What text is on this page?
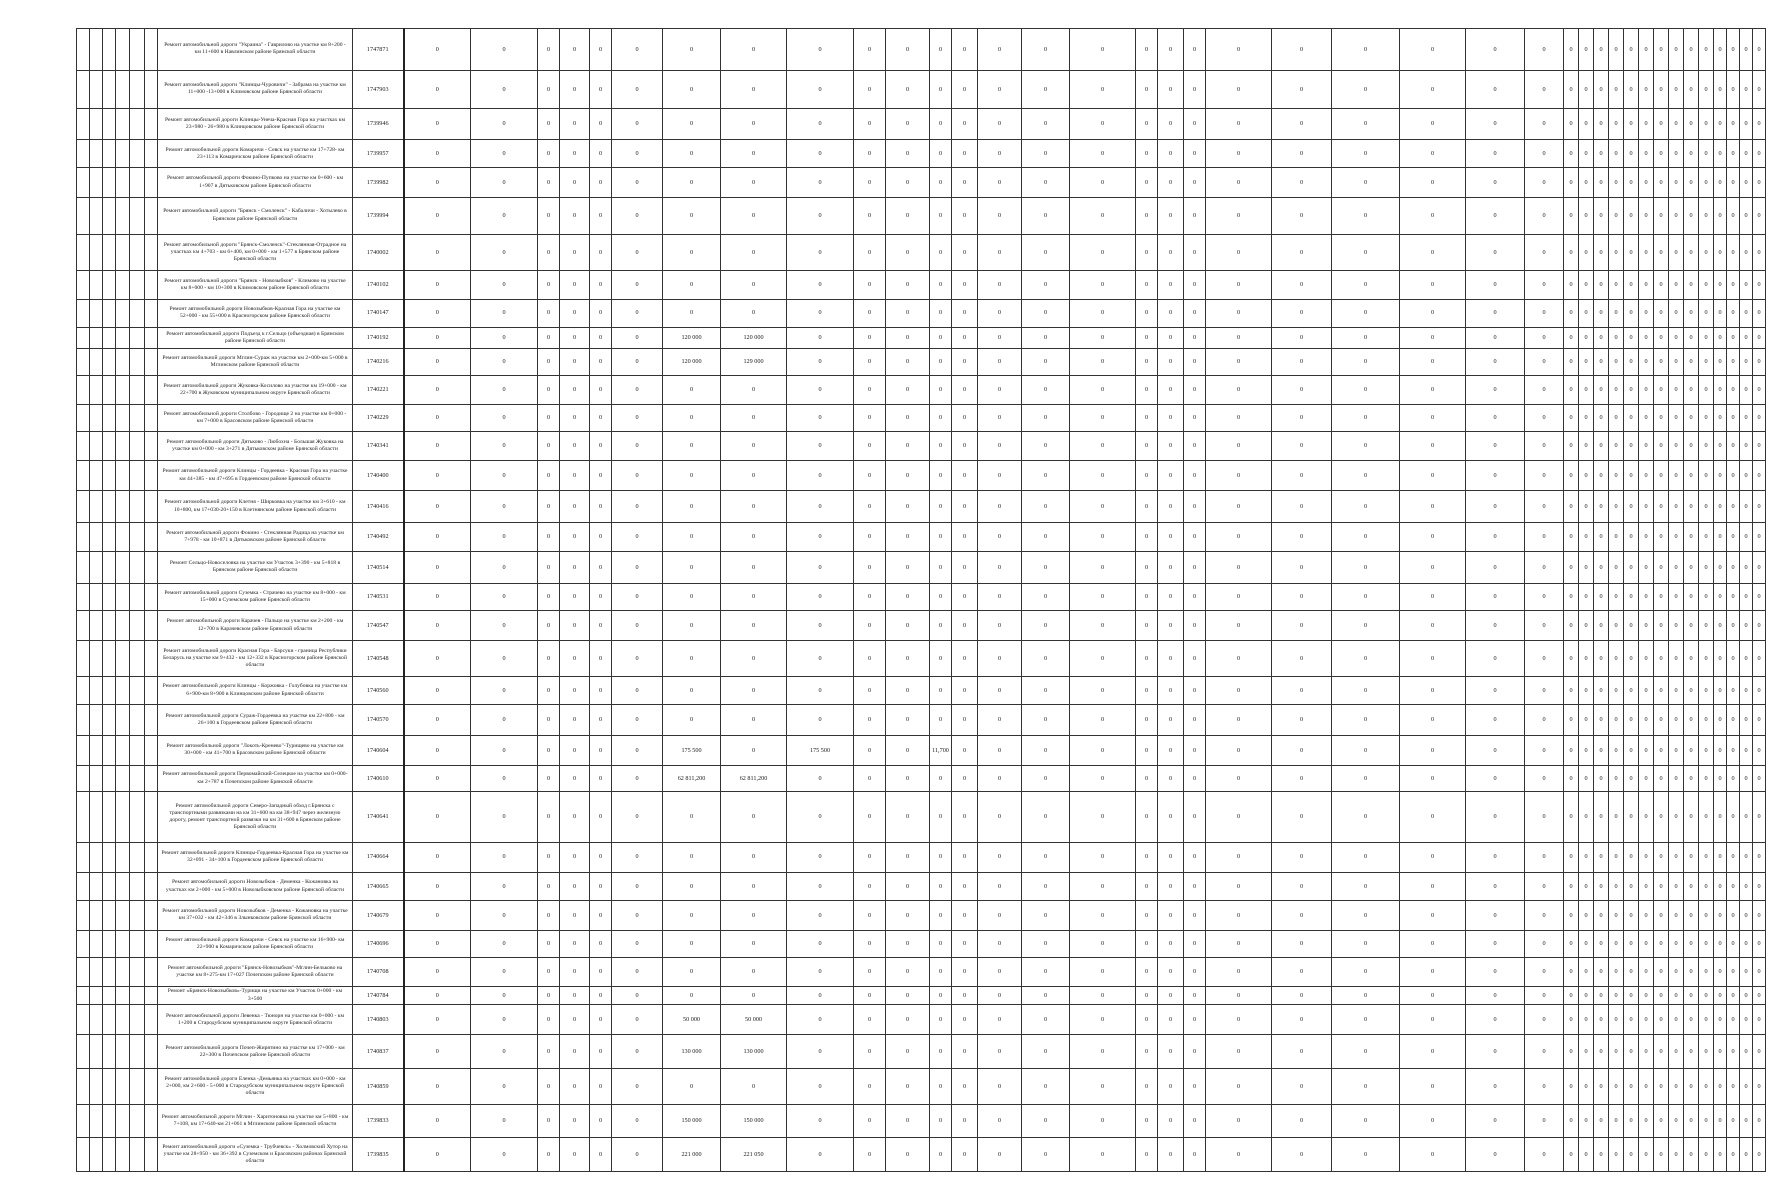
						Ремонт автомобильной дороги "Украина" - Гаврилово на участке км 8+200 - км 11+600 в Навлинском районе Брянской области	1747871	0	0	0	0	0	0	0	0	0	0	0	0	0	0	0	0	0	0	0	0	0	0	0	0	0	0	0	0	0	0	0	0	0	0	0	0	0	0	0
						Ремонт автомобильной дороги "Клинцы-Чуровичи" - Забрама на участке км 11+000 -13+000 в Климовском районе Брянской области	1747903	0	0	0	0	0	0	0	0	0	0	0	0	0	0	0	0	0	0	0	0	0	0	0	0	0	0	0	0	0	0	0	0	0	0	0	0	0	0	0
						Ремонт автомобильной дороги Клинцы-Унеча-Красная Гора на участках км 23+980 - 26+980 в Клинцовском районе Брянской области	1739946	0	0	0	0	0	0	0	0	0	0	0	0	0	0	0	0	0	0	0	0	0	0	0	0	0	0	0	0	0	0	0	0	0	0	0	0	0	0	0
						Ремонт автомобильной дороги Комаричи - Севск на участке км 17+728- км 23+113 в Комаричском районе Брянской области	1739957	0	0	0	0	0	0	0	0	0	0	0	0	0	0	0	0	0	0	0	0	0	0	0	0	0	0	0	0	0	0	0	0	0	0	0	0	0	0	0
						Ремонт автомобильной дороги Фокино-Пупково на участке км 0+600 - км 1+907 в Дятьковском районе Брянской области	1739982	0	0	0	0	0	0	0	0	0	0	0	0	0	0	0	0	0	0	0	0	0	0	0	0	0	0	0	0	0	0	0	0	0	0	0	0	0	0	0
						Ремонт автомобильной дороги "Брянск - Смоленск" - Кабаличи - Хотылево в Брянском районе Брянской области	1739994	0	0	0	0	0	0	0	0	0	0	0	0	0	0	0	0	0	0	0	0	0	0	0	0	0	0	0	0	0	0	0	0	0	0	0	0	0	0	0
						Ремонт автомобильной дороги "Брянск-Смоленск"-Стеклянная-Отрадное на участках км 4+703 - км 6+400, км 0+000 - км 1+577 в Брянском районе Брянской области	1740002	0	0	0	0	0	0	0	0	0	0	0	0	0	0	0	0	0	0	0	0	0	0	0	0	0	0	0	0	0	0	0	0	0	0	0	0	0	0	0
						Ремонт автомобильной дороги "Брянск - Новозыбков" - Климово на участке км 8+000 - км 10+300 в Климовском районе Брянской области	1740102	0	0	0	0	0	0	0	0	0	0	0	0	0	0	0	0	0	0	0	0	0	0	0	0	0	0	0	0	0	0	0	0	0	0	0	0	0	0	0
						Ремонт автомобильной дороги Новозыбков-Красная Гора на участке км 52+000 - км 55+000 в Красногорском районе Брянской области	1740147	0	0	0	0	0	0	0	0	0	0	0	0	0	0	0	0	0	0	0	0	0	0	0	0	0	0	0	0	0	0	0	0	0	0	0	0	0	0	0
						Ремонт автомобильной дороги Подъезд к г.Сельцо (объездная) в Брянском районе Брянской области	1740192	0	0	0	0	0	0	120 000	120 000	0	0	0	0	0	0	0	0	0	0	0	0	0	0	0	0	0	0	0	0	0	0	0	0	0	0	0	0	0	0	0
						Ремонт автомобильной дороги Мглин-Сураж на участке км 2+000-км 5+000 в Мглинском районе Брянской области	1740216	0	0	0	0	0	0	120 000	129 000	0	0	0	0	0	0	0	0	0	0	0	0	0	0	0	0	0	0	0	0	0	0	0	0	0	0	0	0	0	0	0
						Ремонт автомобильной дороги Жуковка-Косилово на участке км 19+000 - км 22+700 в Жуковском муниципальном округе Брянской области	1740221	0	0	0	0	0	0	0	0	0	0	0	0	0	0	0	0	0	0	0	0	0	0	0	0	0	0	0	0	0	0	0	0	0	0	0	0	0	0	0
						Ремонт автомобильной дороги Столбово - Городище 2 на участке км 0+000 - км 7+000 в Брасовском районе Брянской области	1740229	0	0	0	0	0	0	0	0	0	0	0	0	0	0	0	0	0	0	0	0	0	0	0	0	0	0	0	0	0	0	0	0	0	0	0	0	0	0	0
						Ремонт автомобильной дороги Дятьково - Любохна - Большая Жуковка на участке км 0+000 - км 3+271 в Дятьковском районе Брянской области	1740341	0	0	0	0	0	0	0	0	0	0	0	0	0	0	0	0	0	0	0	0	0	0	0	0	0	0	0	0	0	0	0	0	0	0	0	0	0	0	0
						Ремонт автомобильной дороги Клинцы - Гордеевка - Красная Гора на участке км 44+385 - км 47+695 в Гордеевском районе Брянской области	1740400	0	0	0	0	0	0	0	0	0	0	0	0	0	0	0	0	0	0	0	0	0	0	0	0	0	0	0	0	0	0	0	0	0	0	0	0	0	0	0
						Ремонт автомобильной дороги Клетня - Ширковка на участке км 3+610 - км 10+800, км 17+030-20+150 в Клетнянском районе Брянской области	1740416	0	0	0	0	0	0	0	0	0	0	0	0	0	0	0	0	0	0	0	0	0	0	0	0	0	0	0	0	0	0	0	0	0	0	0	0	0	0	0
						Ремонт автомобильной дороги Фокино - Стеклянная Радица на участке км 7+978 - км 10+871 в Дятьковском районе Брянской области	1740492	0	0	0	0	0	0	0	0	0	0	0	0	0	0	0	0	0	0	0	0	0	0	0	0	0	0	0	0	0	0	0	0	0	0	0	0	0	0	0
						Ремонт Сельцо-Новоселовка на участке км Участок 3+390 - км 5+818 в Брянском районе Брянской области	1740514	0	0	0	0	0	0	0	0	0	0	0	0	0	0	0	0	0	0	0	0	0	0	0	0	0	0	0	0	0	0	0	0	0	0	0	0	0	0	0
						Ремонт автомобильной дороги Суземка - Страчево на участке км 8+000 - км 15+000 в Суземском районе Брянской области	1740531	0	0	0	0	0	0	0	0	0	0	0	0	0	0	0	0	0	0	0	0	0	0	0	0	0	0	0	0	0	0	0	0	0	0	0	0	0	0	0
						Ремонт автомобильной дороги Карачев - Пальцо на участке км 2+200 - км 12+700 в Карачевском районе Брянской области	1740547	0	0	0	0	0	0	0	0	0	0	0	0	0	0	0	0	0	0	0	0	0	0	0	0	0	0	0	0	0	0	0	0	0	0	0	0	0	0	0
						Ремонт автомобильной дороги Красная Гора - Барсуки - граница Республики Беларусь на участке км 9+432 - км 12+332 в Красногорском районе Брянской области	1740548	0	0	0	0	0	0	0	0	0	0	0	0	0	0	0	0	0	0	0	0	0	0	0	0	0	0	0	0	0	0	0	0	0	0	0	0	0	0	0
						Ремонт автомобильной дороги Клинцы - Коржовка - Голубовка на участке км 6+900-км 8+900 в Клинцовском районе Брянской области	1740560	0	0	0	0	0	0	0	0	0	0	0	0	0	0	0	0	0	0	0	0	0	0	0	0	0	0	0	0	0	0	0	0	0	0	0	0	0	0	0
						Ремонт автомобильной дороги Сураж-Гордеевка на участке км 22+800 - км 26+100 в Гордеевском районе Брянской области	1740570	0	0	0	0	0	0	0	0	0	0	0	0	0	0	0	0	0	0	0	0	0	0	0	0	0	0	0	0	0	0	0	0	0	0	0	0	0	0	0
						Ремонт автомобильной дороги "Локоть-Кренево"-Турищево на участке км 30+000 - км 41+700 в Брасовском районе Брянской области	1740604	0	0	0	0	0	0	175 500	0	175 500	0	0	11,700	0	0	0	0	0	0	0	0	0	0	0	0	0	0	0	0	0	0	0	0	0	0	0	0	0	0	0
						Ремонт автомобильной дороги Первомайский-Селецкое на участке км 0+000-км 2+787 в Почепском районе Брянской области	1740610	0	0	0	0	0	0	62 811,200	62 811,200	0	0	0	0	0	0	0	0	0	0	0	0	0	0	0	0	0	0	0	0	0	0	0	0	0	0	0	0	0	0	0
						Ремонт автомобильной дороги Северо-Западный обход г.Брянска с транспортными развязками на км 31+600 на км 38+947 через железную дорогу, ремонт транспортной развязки на км 31+600 в Брянском районе Брянской области	1740641	0	0	0	0	0	0	0	0	0	0	0	0	0	0	0	0	0	0	0	0	0	0	0	0	0	0	0	0	0	0	0	0	0	0	0	0	0	0	0
						Ремонт автомобильной дороги Клинцы-Гордеевка-Красная Гора на участке км 32+091 - 34+100 в Гордеевском районе Брянской области	1740664	0	0	0	0	0	0	0	0	0	0	0	0	0	0	0	0	0	0	0	0	0	0	0	0	0	0	0	0	0	0	0	0	0	0	0	0	0	0	0
						Ремонт автомобильной дороги Новозыбков - Деменка - Кожановка на участках км 2+000 - км 5+000 в Новозыбковском районе Брянской области	1740665	0	0	0	0	0	0	0	0	0	0	0	0	0	0	0	0	0	0	0	0	0	0	0	0	0	0	0	0	0	0	0	0	0	0	0	0	0	0	0
						Ремонт автомобильной дороги Новозыбков - Деменка - Кожановка на участке км 37+032 - км 42+346 в Злынковском районе Брянской области	1740679	0	0	0	0	0	0	0	0	0	0	0	0	0	0	0	0	0	0	0	0	0	0	0	0	0	0	0	0	0	0	0	0	0	0	0	0	0	0	0
						Ремонт автомобильной дороги Комаричи - Севск на участке км 16+900- км 22+900 в Комаричском районе Брянской области	1740696	0	0	0	0	0	0	0	0	0	0	0	0	0	0	0	0	0	0	0	0	0	0	0	0	0	0	0	0	0	0	0	0	0	0	0	0	0	0	0
						Ремонт автомобильной дороги "Брянск-Новозыбков"-Мглин-Бельково на участке км 8+275-км 17+027 Почепском районе Брянской области	1740708	0	0	0	0	0	0	0	0	0	0	0	0	0	0	0	0	0	0	0	0	0	0	0	0	0	0	0	0	0	0	0	0	0	0	0	0	0	0	0
						Ремонт «Брянск-Новозыбков»-Турищи на участке км Участок 0+000 - км 3+500	1740784	0	0	0	0	0	0	0	0	0	0	0	0	0	0	0	0	0	0	0	0	0	0	0	0	0	0	0	0	0	0	0	0	0	0	0	0	0	0	0
						Ремонт автомобильной дороги Левенка - Тюнорн на участке км 0+000 - км 1+200 в Стародубском муниципальном округе Брянской области	1740803	0	0	0	0	0	0	50 000	50 000	0	0	0	0	0	0	0	0	0	0	0	0	0	0	0	0	0	0	0	0	0	0	0	0	0	0	0	0	0	0	0
						Ремонт автомобильной дороги Почеп-Жирятино на участке км 17+000 - км 22+300 в Почепском районе Брянской области	1740837	0	0	0	0	0	0	130 000	130 000	0	0	0	0	0	0	0	0	0	0	0	0	0	0	0	0	0	0	0	0	0	0	0	0	0	0	0	0	0	0	0
						Ремонт автомобильной дороги Еленка -Демьянка на участках км 0+000 - км 2+000, км 2+600 - 5+000 в Стародубском муниципальном округе Брянской области	1740859	0	0	0	0	0	0	0	0	0	0	0	0	0	0	0	0	0	0	0	0	0	0	0	0	0	0	0	0	0	0	0	0	0	0	0	0	0	0	0
						Ремонт автомобильной дороги Мглин - Харитоновка на участке км 5+800 - км 7+108, км 17+640-км 21+061 в Мглинском районе Брянской области	1739833	0	0	0	0	0	0	150 000	150 000	0	0	0	0	0	0	0	0	0	0	0	0	0	0	0	0	0	0	0	0	0	0	0	0	0	0	0	0	0	0	0
						Ремонт автомобильной дороги «Суземка - Трубчевск» - Холмовский Хутор на участке км 28+950 - км 36+392 в Суземском и Брасовском районах Брянской области	1739835	0	0	0	0	0	0	221 000	221 050	0	0	0	0	0	0	0	0	0	0	0	0	0	0	0	0	0	0	0	0	0	0	0	0	0	0	0	0	0	0	0
